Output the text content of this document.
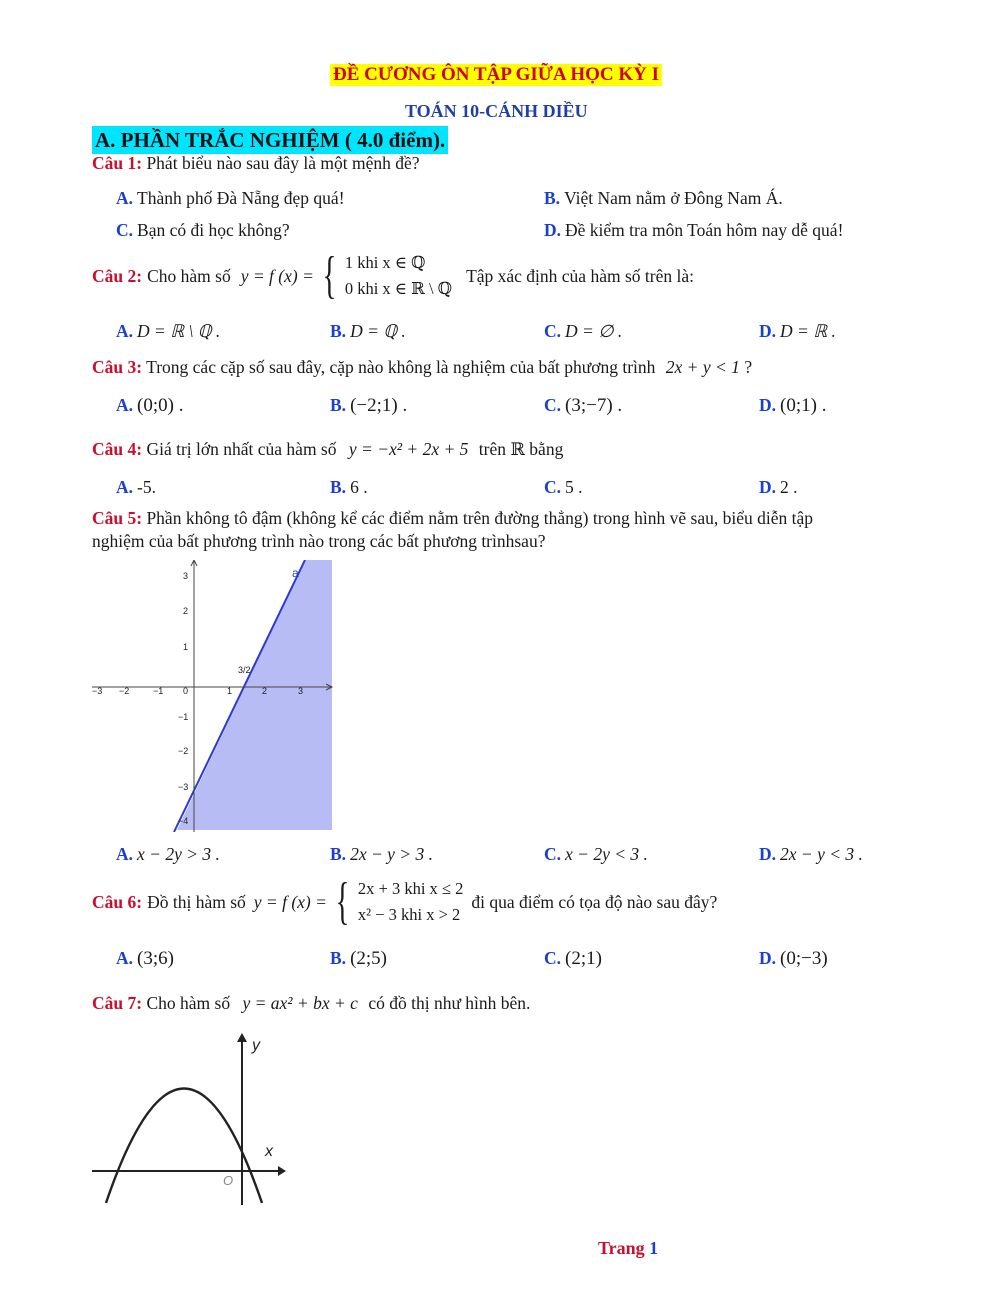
ĐỀ CƯƠNG ÔN TẬP GIỮA HỌC KỲ I
TOÁN 10-CÁNH DIỀU
A. PHẦN TRẮC NGHIỆM ( 4.0 điểm).
Câu 1: Phát biểu nào sau đây là một mệnh đề?
A. Thành phố Đà Nẵng đẹp quá!	B. Việt Nam nằm ở Đông Nam Á.
C. Bạn có đi học không?	D. Đề kiểm tra môn Toán hôm nay dễ quá!
Câu 2: Cho hàm số y = f (x) = { 1 khi x ∈ ℚ
0 khi x ∈ ℝ \ ℚ
Tập xác định của hàm số trên là:
A. D = ℝ \ ℚ .	B. D = ℚ .	C. D = ∅ .	D. D = ℝ .
Câu 3: Trong các cặp số sau đây, cặp nào không là nghiệm của bất phương trình 2x + y < 1 ?
A. (0;0) .	B. (−2;1) .	C. (3;−7) .	D. (0;1) .
Câu 4: Giá trị lớn nhất của hàm số y = −x² + 2x + 5 trên ℝ bằng
A. -5.	B. 6 .	C. 5 .	D. 2 .
Câu 5: Phần không tô đậm (không kể các điểm nằm trên đường thẳng) trong hình vẽ sau, biểu diễn tập
nghiệm của bất phương trình nào trong các bất phương trìnhsau?
−3 −2	−1 0	1	2	3
3
2
1
−1
−2
−3
−4
3/2
a
A. x − 2y > 3 .	B. 2x − y > 3 .	C. x − 2y < 3 .	D. 2x − y < 3 .
Câu 6: Đồ thị hàm số y = f (x) = { 2x + 3 khi x ≤ 2
x² − 3 khi x > 2
đi qua điểm có tọa độ nào sau đây?
A. (3;6)	B. (2;5)	C. (2;1)	D. (0;−3)
Câu 7: Cho hàm số y = ax² + bx + c có đồ thị như hình bên.
y
x
O
Trang 1
